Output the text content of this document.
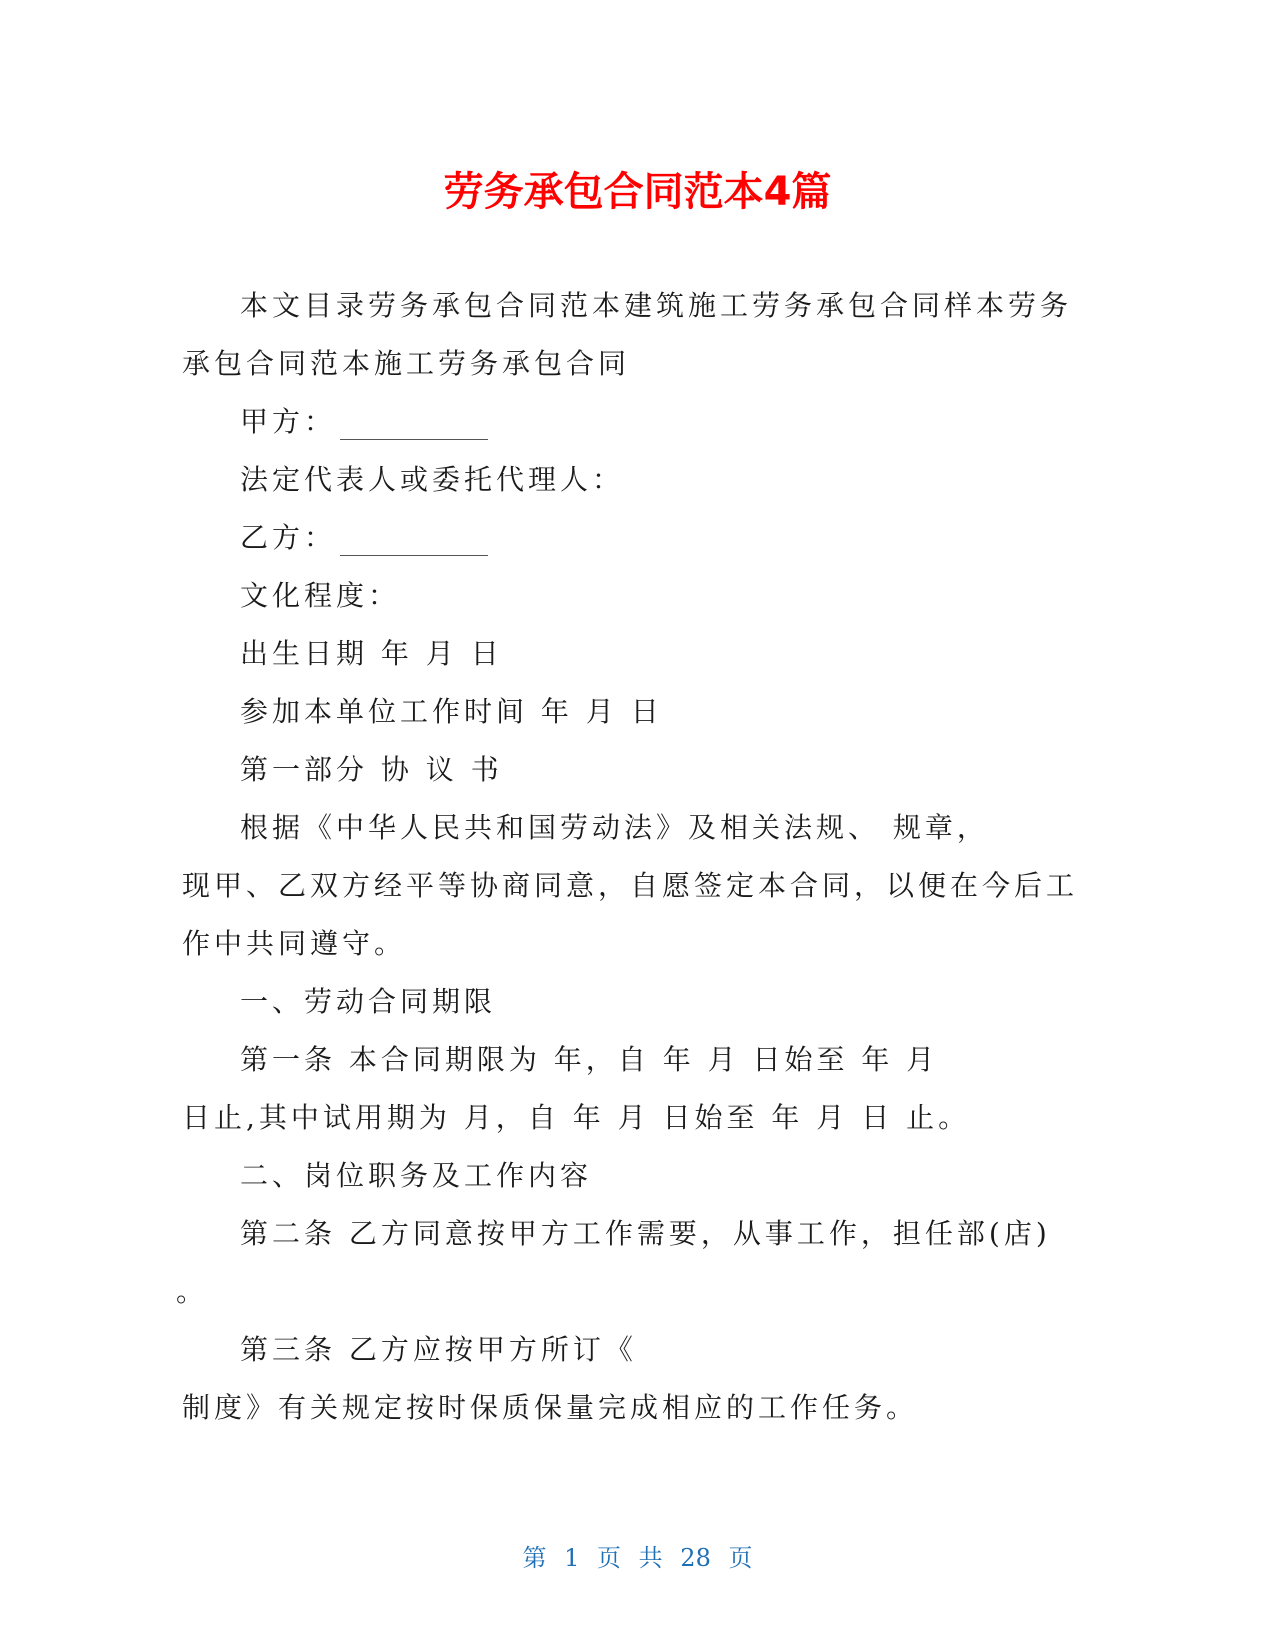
劳务承包合同范本4篇
本文目录劳务承包合同范本建筑施工劳务承包合同样本劳务
承包合同范本施工劳务承包合同
甲方：
法定代表人或委托代理人：
乙方：
文化程度：
出生日期 年 月 日
参加本单位工作时间 年 月 日
第一部分 协 议 书
根据《中华人民共和国劳动法》及相关法规、 规章，
现甲、乙双方经平等协商同意，自愿签定本合同，以便在今后工
作中共同遵守。
一、劳动合同期限
第一条 本合同期限为 年，自 年 月 日始至 年 月
日止,其中试用期为 月，自 年 月 日始至 年 月 日 止。
二、岗位职务及工作内容
第二条 乙方同意按甲方工作需要，从事工作，担任部(店)
。
第三条 乙方应按甲方所订《
制度》有关规定按时保质保量完成相应的工作任务。
第 1 页 共 28 页
